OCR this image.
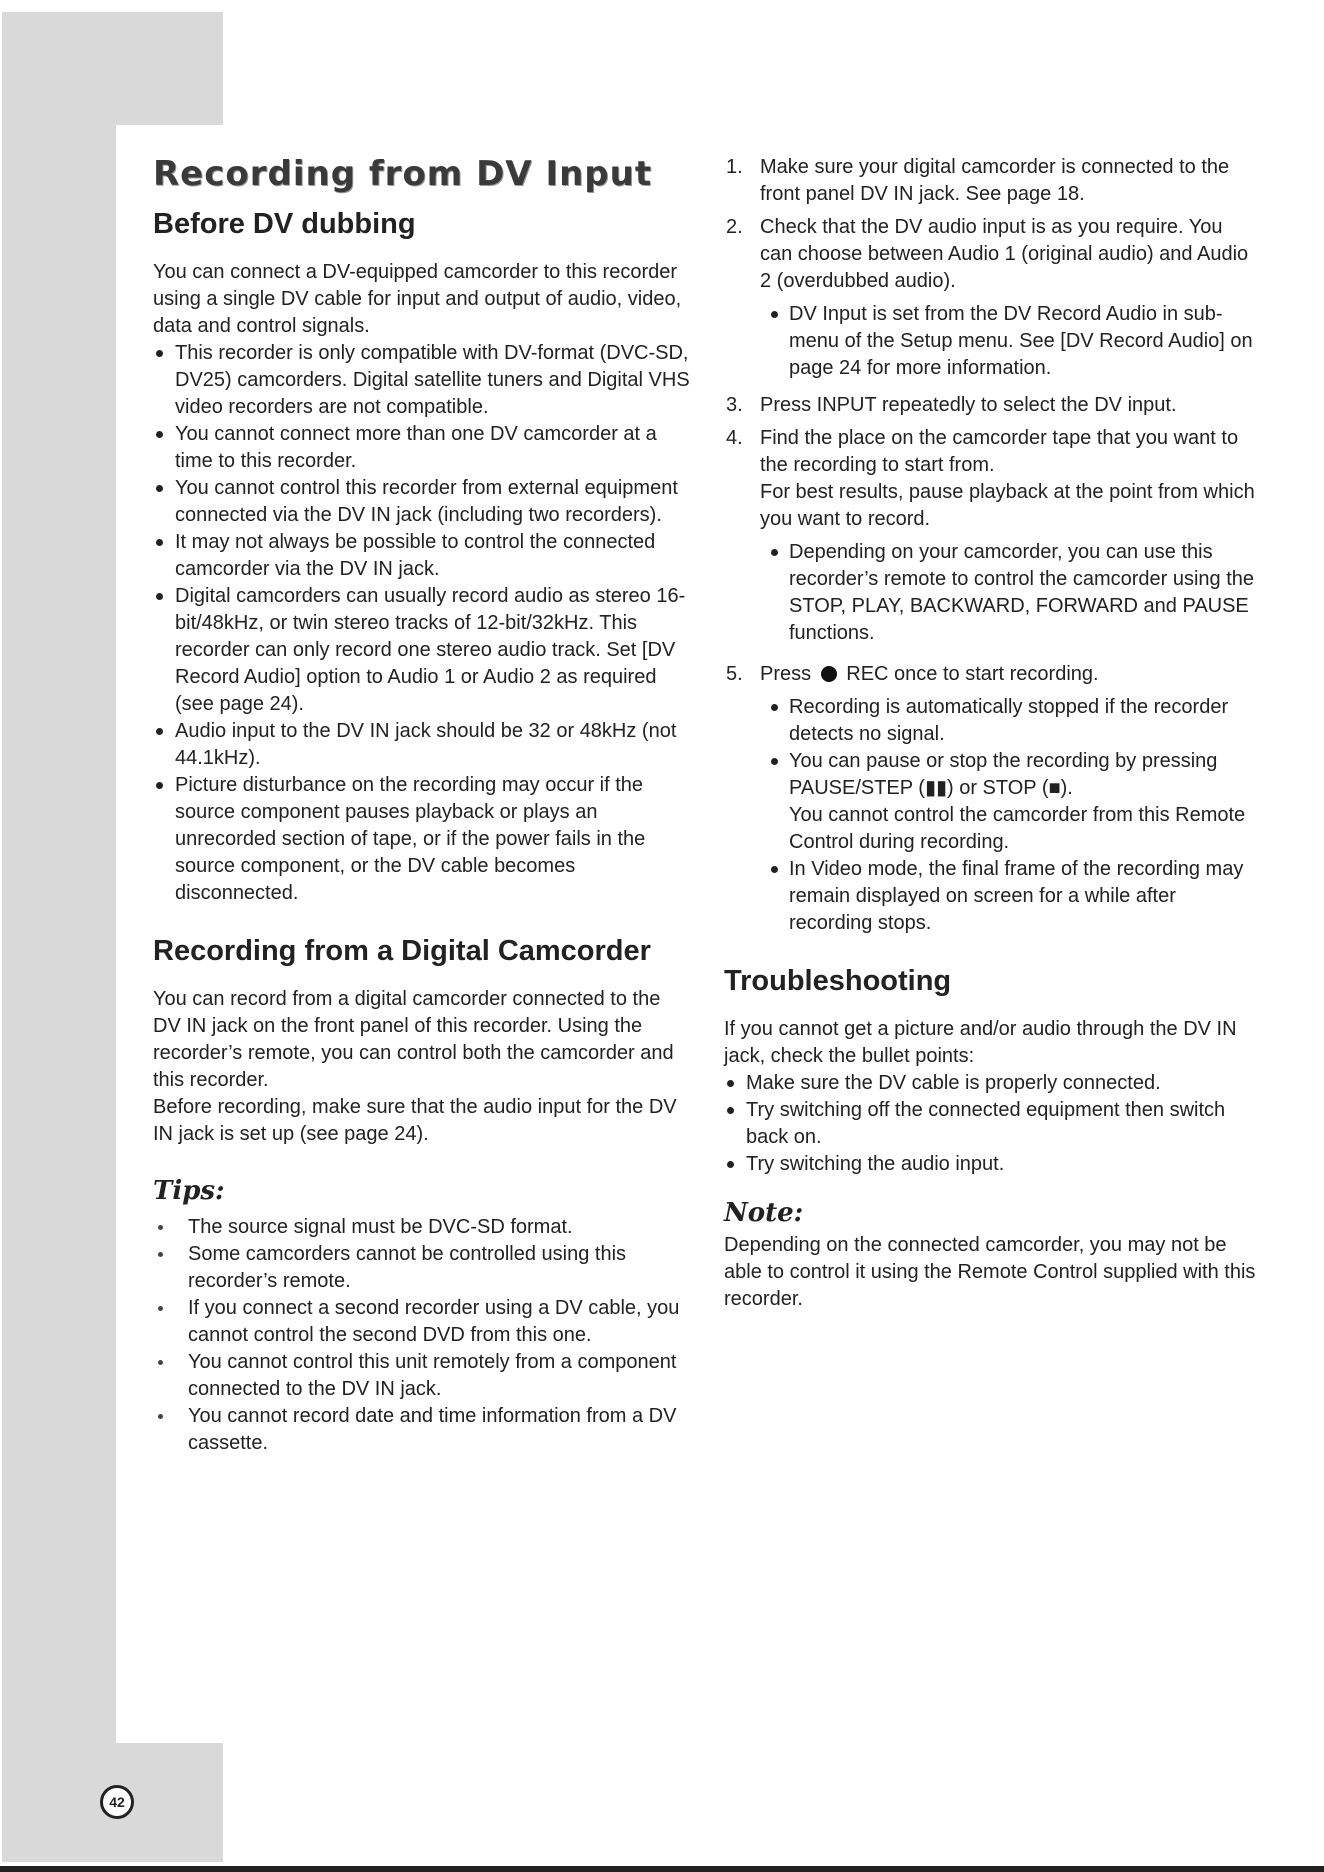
42
Recording from DV Input
Before DV dubbing

You can connect a DV-equipped camcorder to this recorder using a single DV cable for input and output of audio, video, data and control signals.

This recorder is only compatible with DV-format (DVC-SD, DV25) camcorders. Digital satellite tuners and Digital VHS video recorders are not compatible.
You cannot connect more than one DV camcorder at a time to this recorder.
You cannot control this recorder from external equipment connected via the DV IN jack (including two recorders).
It may not always be possible to control the connected camcorder via the DV IN jack.
Digital camcorders can usually record audio as stereo 16-bit/48kHz, or twin stereo tracks of 12-bit/32kHz. This recorder can only record one stereo audio track. Set [DV Record Audio] option to Audio 1 or Audio 2 as required (see page 24).
Audio input to the DV IN jack should be 32 or 48kHz (not 44.1kHz).
Picture disturbance on the recording may occur if the source component pauses playback or plays an unrecorded section of tape, or if the power fails in the source component, or the DV cable becomes disconnected.
Recording from a Digital Camcorder

You can record from a digital camcorder connected to the DV IN jack on the front panel of this recorder. Using the recorder’s remote, you can control both the camcorder and this recorder.

Before recording, make sure that the audio input for the DV IN jack is set up (see page 24).

Tips:
The source signal must be DVC-SD format.
Some camcorders cannot be controlled using this recorder’s remote.
If you connect a second recorder using a DV cable, you cannot control the second DVD from this one.
You cannot control this unit remotely from a component connected to the DV IN jack.
You cannot record date and time information from a DV cassette.
1. Make sure your digital camcorder is connected to the front panel DV IN jack. See page 18.
2. Check that the DV audio input is as you require. You can choose between Audio 1 (original audio) and Audio 2 (overdubbed audio).
DV Input is set from the DV Record Audio in sub-menu of the Setup menu. See [DV Record Audio] on page 24 for more information.
3. Press INPUT repeatedly to select the DV input.
4. Find the place on the camcorder tape that you want to the recording to start from.
For best results, pause playback at the point from which you want to record.
Depending on your camcorder, you can use this recorder’s remote to control the camcorder using the STOP, PLAY, BACKWARD, FORWARD and PAUSE functions.
5. Press REC once to start recording.
Recording is automatically stopped if the recorder detects no signal.
You can pause or stop the recording by pressing PAUSE/STEP (▮▮) or STOP (■).
You cannot control the camcorder from this Remote Control during recording.
In Video mode, the final frame of the recording may remain displayed on screen for a while after recording stops.
Troubleshooting

If you cannot get a picture and/or audio through the DV IN jack, check the bullet points:

Make sure the DV cable is properly connected.
Try switching off the connected equipment then switch back on.
Try switching the audio input.
Note:

Depending on the connected camcorder, you may not be able to control it using the Remote Control supplied with this recorder.
